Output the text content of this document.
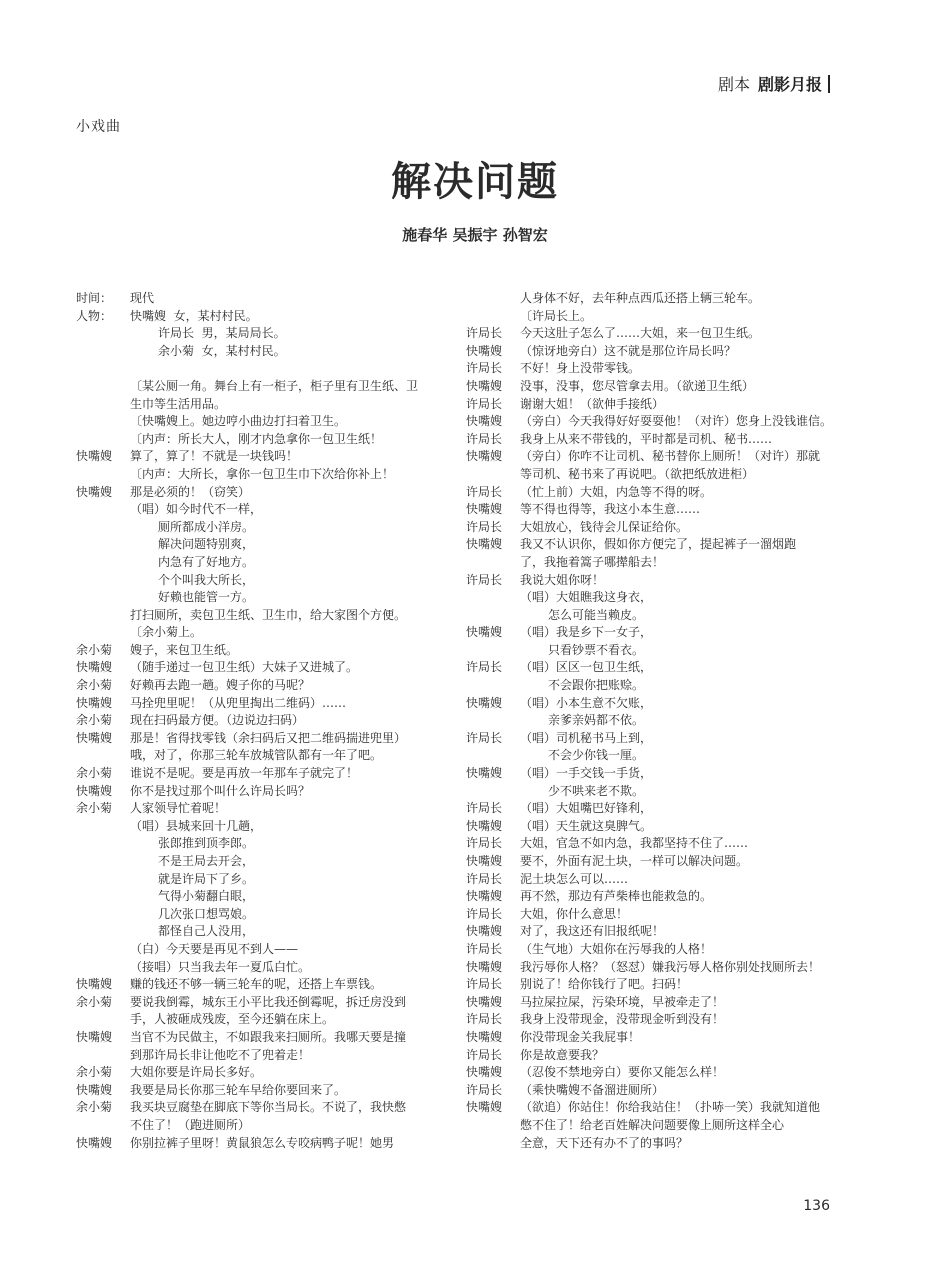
剧本 剧影月报
小戏曲
解决问题
施春华 吴振宇 孙智宏
时间：	现代
人物：	快嘴嫂  女，某村村民。
许局长  男，某局局长。
余小菊  女，某村村民。
〔某公厕一角。舞台上有一柜子，柜子里有卫生纸、卫
生巾等生活用品。
〔快嘴嫂上。她边哼小曲边打扫着卫生。
〔内声：所长大人，刚才内急拿你一包卫生纸！
快嘴嫂	算了，算了！不就是一块钱吗！
〔内声：大所长，拿你一包卫生巾下次给你补上！
快嘴嫂	那是必须的！（窃笑）
（唱）如今时代不一样，
厕所都成小洋房。
解决问题特别爽，
内急有了好地方。
个个叫我大所长，
好赖也能管一方。
打扫厕所，卖包卫生纸、卫生巾，给大家图个方便。
〔余小菊上。
余小菊	嫂子，来包卫生纸。
快嘴嫂	（随手递过一包卫生纸）大妹子又进城了。
余小菊	好赖再去跑一趟。嫂子你的马呢？
快嘴嫂	马拴兜里呢！（从兜里掏出二维码）……
余小菊	现在扫码最方便。（边说边扫码）
快嘴嫂	那是！省得找零钱（余扫码后又把二维码揣进兜里）
哦，对了，你那三轮车放城管队都有一年了吧。
余小菊	谁说不是呢。要是再放一年那车子就完了！
快嘴嫂	你不是找过那个叫什么许局长吗？
余小菊	人家领导忙着呢！
（唱）县城来回十几趟，
张郎推到顶李郎。
不是王局去开会，
就是许局下了乡。
气得小菊翻白眼，
几次张口想骂娘。
都怪自己人没用，
（白）今天要是再见不到人——
（接唱）只当我去年一夏瓜白忙。
快嘴嫂	赚的钱还不够一辆三轮车的呢，还搭上车票钱。
余小菊	要说我倒霉，城东王小平比我还倒霉呢，拆迁房没到
手，人被砸成残废，至今还躺在床上。
快嘴嫂	当官不为民做主，不如跟我来扫厕所。我哪天要是撞
到那许局长非让他吃不了兜着走！
余小菊	大姐你要是许局长多好。
快嘴嫂	我要是局长你那三轮车早给你要回来了。
余小菊	我买块豆腐垫在脚底下等你当局长。不说了，我快憋
不住了！（跑进厕所）
快嘴嫂	你别拉裤子里呀！黄鼠狼怎么专咬病鸭子呢！她男
人身体不好，去年种点西瓜还搭上辆三轮车。
〔许局长上。
许局长	今天这肚子怎么了……大姐，来一包卫生纸。
快嘴嫂	（惊讶地旁白）这不就是那位许局长吗？
许局长	不好！身上没带零钱。
快嘴嫂	没事，没事，您尽管拿去用。（欲递卫生纸）
许局长	谢谢大姐！（欲伸手接纸）
快嘴嫂	（旁白）今天我得好好耍耍他！（对许）您身上没钱谁信。
许局长	我身上从来不带钱的，平时都是司机、秘书……
快嘴嫂	（旁白）你咋不让司机、秘书替你上厕所！（对许）那就
等司机、秘书来了再说吧。（欲把纸放进柜）
许局长	（忙上前）大姐，内急等不得的呀。
快嘴嫂	等不得也得等，我这小本生意……
许局长	大姐放心，钱待会儿保证给你。
快嘴嫂	我又不认识你，假如你方便完了，提起裤子一溜烟跑
了，我拖着篙子哪撵船去！
许局长	我说大姐你呀！
（唱）大姐瞧我这身衣，
怎么可能当赖皮。
快嘴嫂	（唱）我是乡下一女子，
只看钞票不看衣。
许局长	（唱）区区一包卫生纸，
不会跟你把账赊。
快嘴嫂	（唱）小本生意不欠账，
亲爹亲妈都不依。
许局长	（唱）司机秘书马上到，
不会少你钱一厘。
快嘴嫂	（唱）一手交钱一手货，
少不哄来老不欺。
许局长	（唱）大姐嘴巴好锋利，
快嘴嫂	（唱）天生就这臭脾气。
许局长	大姐，官急不如内急，我都坚持不住了……
快嘴嫂	要不，外面有泥土块，一样可以解决问题。
许局长	泥土块怎么可以……
快嘴嫂	再不然，那边有芦柴棒也能救急的。
许局长	大姐，你什么意思！
快嘴嫂	对了，我这还有旧报纸呢！
许局长	（生气地）大姐你在污辱我的人格！
快嘴嫂	我污辱你人格？（怒怼）嫌我污辱人格你别处找厕所去！
许局长	别说了！给你钱行了吧。扫码！
快嘴嫂	马拉屎拉屎，污染环境，早被牵走了！
许局长	我身上没带现金，没带现金听到没有！
快嘴嫂	你没带现金关我屁事！
许局长	你是故意要我？
快嘴嫂	（忍俊不禁地旁白）要你又能怎么样！
许局长	（乘快嘴嫂不备溜进厕所）
快嘴嫂	（欲追）你站住！你给我站住！（扑哧一笑）我就知道他
憋不住了！给老百姓解决问题要像上厕所这样全心
全意，天下还有办不了的事吗？
136
